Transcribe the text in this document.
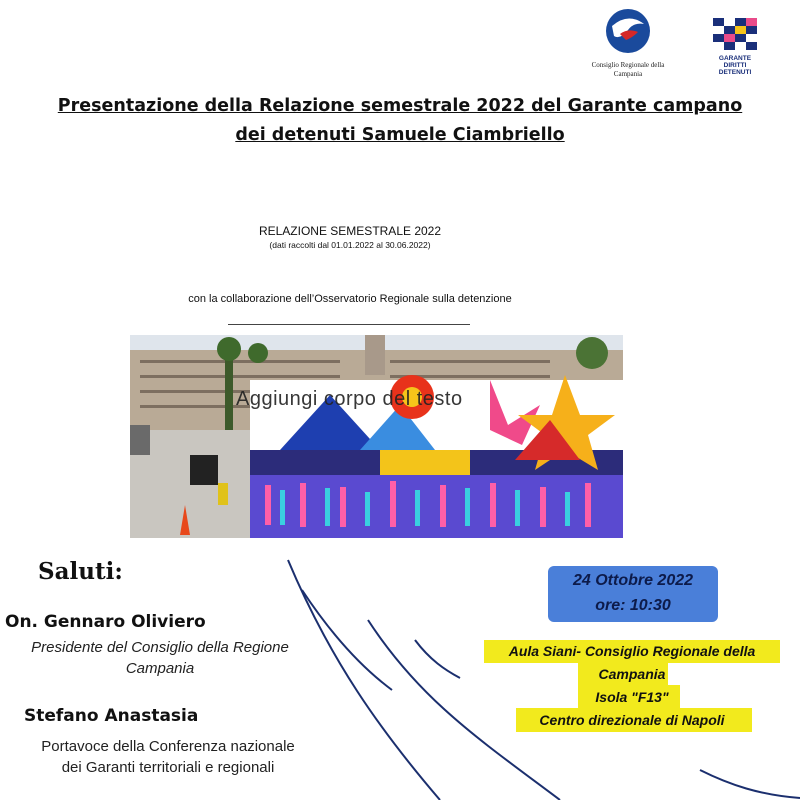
Consiglio Regionale della
Campania
GARANTE
DIRITTI
DETENUTI
Presentazione della Relazione semestrale 2022 del Garante campano
dei detenuti Samuele Ciambriello
RELAZIONE SEMESTRALE 2022
(dati raccolti dal 01.01.2022 al 30.06.2022)
con la collaborazione dell’Osservatorio Regionale sulla detenzione
Aggiungi corpo del testo
Saluti:
On. Gennaro Oliviero
Presidente del Consiglio della Regione
Campania
Stefano Anastasia
Portavoce della Conferenza nazionale
dei Garanti territoriali e regionali
24 Ottobre 2022
ore: 10:30
Aula Siani- Consiglio Regionale della
Campania
Isola "F13"
Centro direzionale di Napoli
